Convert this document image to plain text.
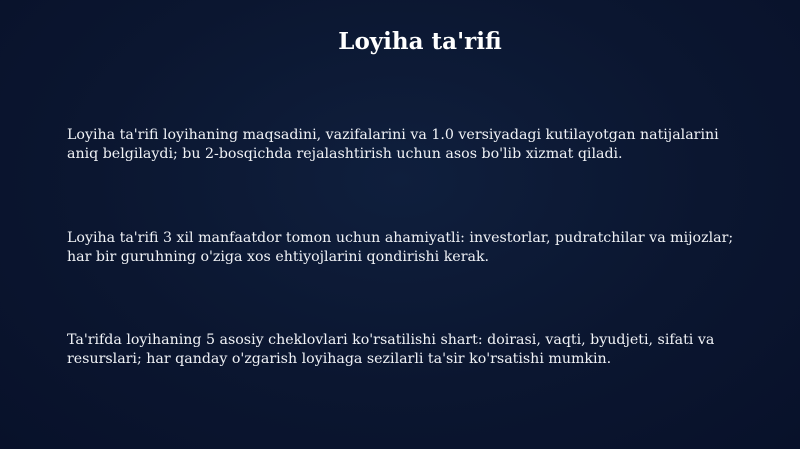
Loyiha ta'rifi

Loyiha ta'rifi loyihaning maqsadini, vazifalarini va 1.0 versiyadagi kutilayotgan natijalarini aniq belgilaydi; bu 2-bosqichda rejalashtirish uchun asos bo'lib xizmat qiladi.

Loyiha ta'rifi 3 xil manfaatdor tomon uchun ahamiyatli: investorlar, pudratchilar va mijozlar; har bir guruhning o'ziga xos ehtiyojlarini qondirishi kerak.

Ta'rifda loyihaning 5 asosiy cheklovlari ko'rsatilishi shart: doirasi, vaqti, byudjeti, sifati va resurslari; har qanday o'zgarish loyihaga sezilarli ta'sir ko'rsatishi mumkin.
